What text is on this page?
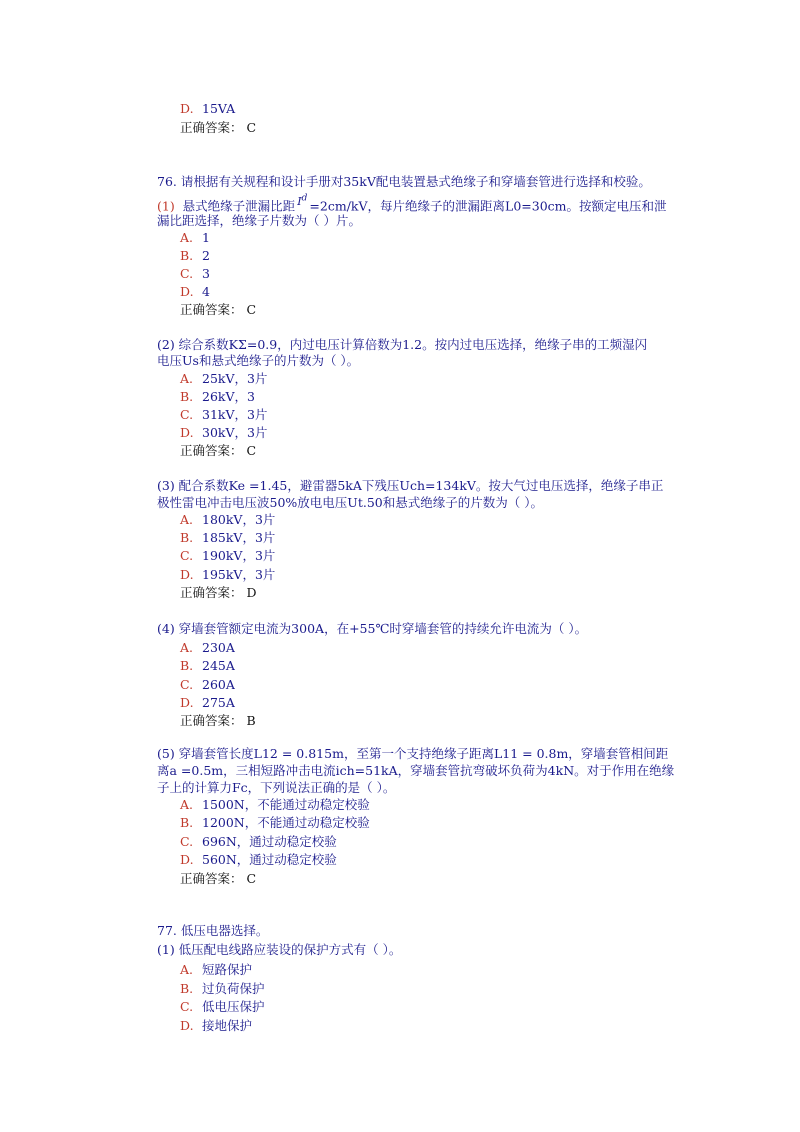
D. 15VA
正确答案： C
76. 请根据有关规程和设计手册对35kV配电装置悬式绝缘子和穿墙套管进行选择和校验。
(1) 悬式绝缘子泄漏比距 $I^d=2cm/kV$，每片绝缘子的泄漏距离L0=30cm。按额定电压和泄
漏比距选择，绝缘子片数为（ ）片。
A. 1
B. 2
C. 3
D. 4
正确答案： C
(2) 综合系数KΣ=0.9，内过电压计算倍数为1.2。按内过电压选择，绝缘子串的工频湿闪
电压Us和悬式绝缘子的片数为（ ）。
A. 25kV，3片
B. 26kV，3
C. 31kV，3片
D. 30kV，3片
正确答案： C
(3) 配合系数Ke =1.45，避雷器5kA下残压Uch=134kV。按大气过电压选择，绝缘子串正
极性雷电冲击电压波50%放电电压Ut.50和悬式绝缘子的片数为（ ）。
A. 180kV，3片
B. 185kV，3片
C. 190kV，3片
D. 195kV，3片
正确答案： D
(4) 穿墙套管额定电流为300A，在+55℃时穿墙套管的持续允许电流为（ ）。
A. 230A
B. 245A
C. 260A
D. 275A
正确答案： B
(5) 穿墙套管长度L12 = 0.815m，至第一个支持绝缘子距离L11 = 0.8m，穿墙套管相间距
离a =0.5m，三相短路冲击电流ich=51kA，穿墙套管抗弯破坏负荷为4kN。对于作用在绝缘
子上的计算力Fc，下列说法正确的是（ ）。
A. 1500N，不能通过动稳定校验
B. 1200N，不能通过动稳定校验
C. 696N，通过动稳定校验
D. 560N，通过动稳定校验
正确答案： C
77. 低压电器选择。
(1) 低压配电线路应装设的保护方式有（ ）。
A. 短路保护
B. 过负荷保护
C. 低电压保护
D. 接地保护
